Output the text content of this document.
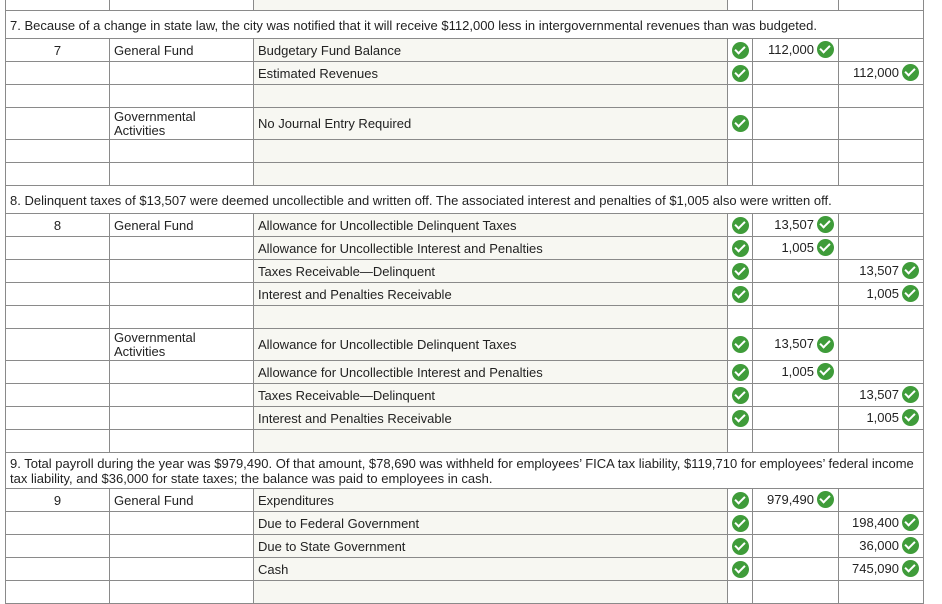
7. Because of a change in state law, the city was notified that it will receive $112,000 less in intergovernmental revenues than was budgeted.					
7	General Fund	Budgetary Fund Balance		112,000	
		Estimated Revenues			112,000

	Governmental Activities	No Journal Entry Required			

8. Delinquent taxes of $13,507 were deemed uncollectible and written off. The associated interest and penalties of $1,005 also were written off.					
8	General Fund	Allowance for Uncollectible Delinquent Taxes		13,507	
		Allowance for Uncollectible Interest and Penalties		1,005	
		Taxes Receivable—Delinquent			13,507
		Interest and Penalties Receivable			1,005

	Governmental Activities	Allowance for Uncollectible Delinquent Taxes		13,507	
		Allowance for Uncollectible Interest and Penalties		1,005	
		Taxes Receivable—Delinquent			13,507
		Interest and Penalties Receivable			1,005

9. Total payroll during the year was $979,490. Of that amount, $78,690 was withheld for employees’ FICA tax liability, $119,710 for employees’ federal income tax liability, and $36,000 for state taxes; the balance was paid to employees in cash.					
9	General Fund	Expenditures		979,490	
		Due to Federal Government			198,400
		Due to State Government			36,000
		Cash			745,090
